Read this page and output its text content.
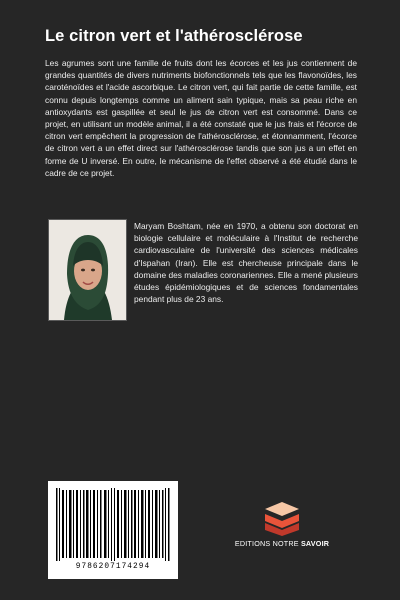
Le citron vert et l'athérosclérose
Les agrumes sont une famille de fruits dont les écorces et les jus contiennent de grandes quantités de divers nutriments biofonctionnels tels que les flavonoïdes, les caroténoïdes et l'acide ascorbique. Le citron vert, qui fait partie de cette famille, est connu depuis longtemps comme un aliment sain typique, mais sa peau riche en antioxydants est gaspillée et seul le jus de citron vert est consommé. Dans ce projet, en utilisant un modèle animal, il a été constaté que le jus frais et l'écorce de citron vert empêchent la progression de l'athérosclérose, et étonnamment, l'écorce de citron vert a un effet direct sur l'athérosclérose tandis que son jus a un effet en forme de U inversé. En outre, le mécanisme de l'effet observé a été étudié dans le cadre de ce projet.
Maryam Boshtam, née en 1970, a obtenu son doctorat en biologie cellulaire et moléculaire à l'Institut de recherche cardiovasculaire de l'université des sciences médicales d'Ispahan (Iran). Elle est chercheuse principale dans le domaine des maladies coronariennes. Elle a mené plusieurs études épidémiologiques et de sciences fondamentales pendant plus de 23 ans.
9786207174294
EDITIONS NOTRE SAVOIR
